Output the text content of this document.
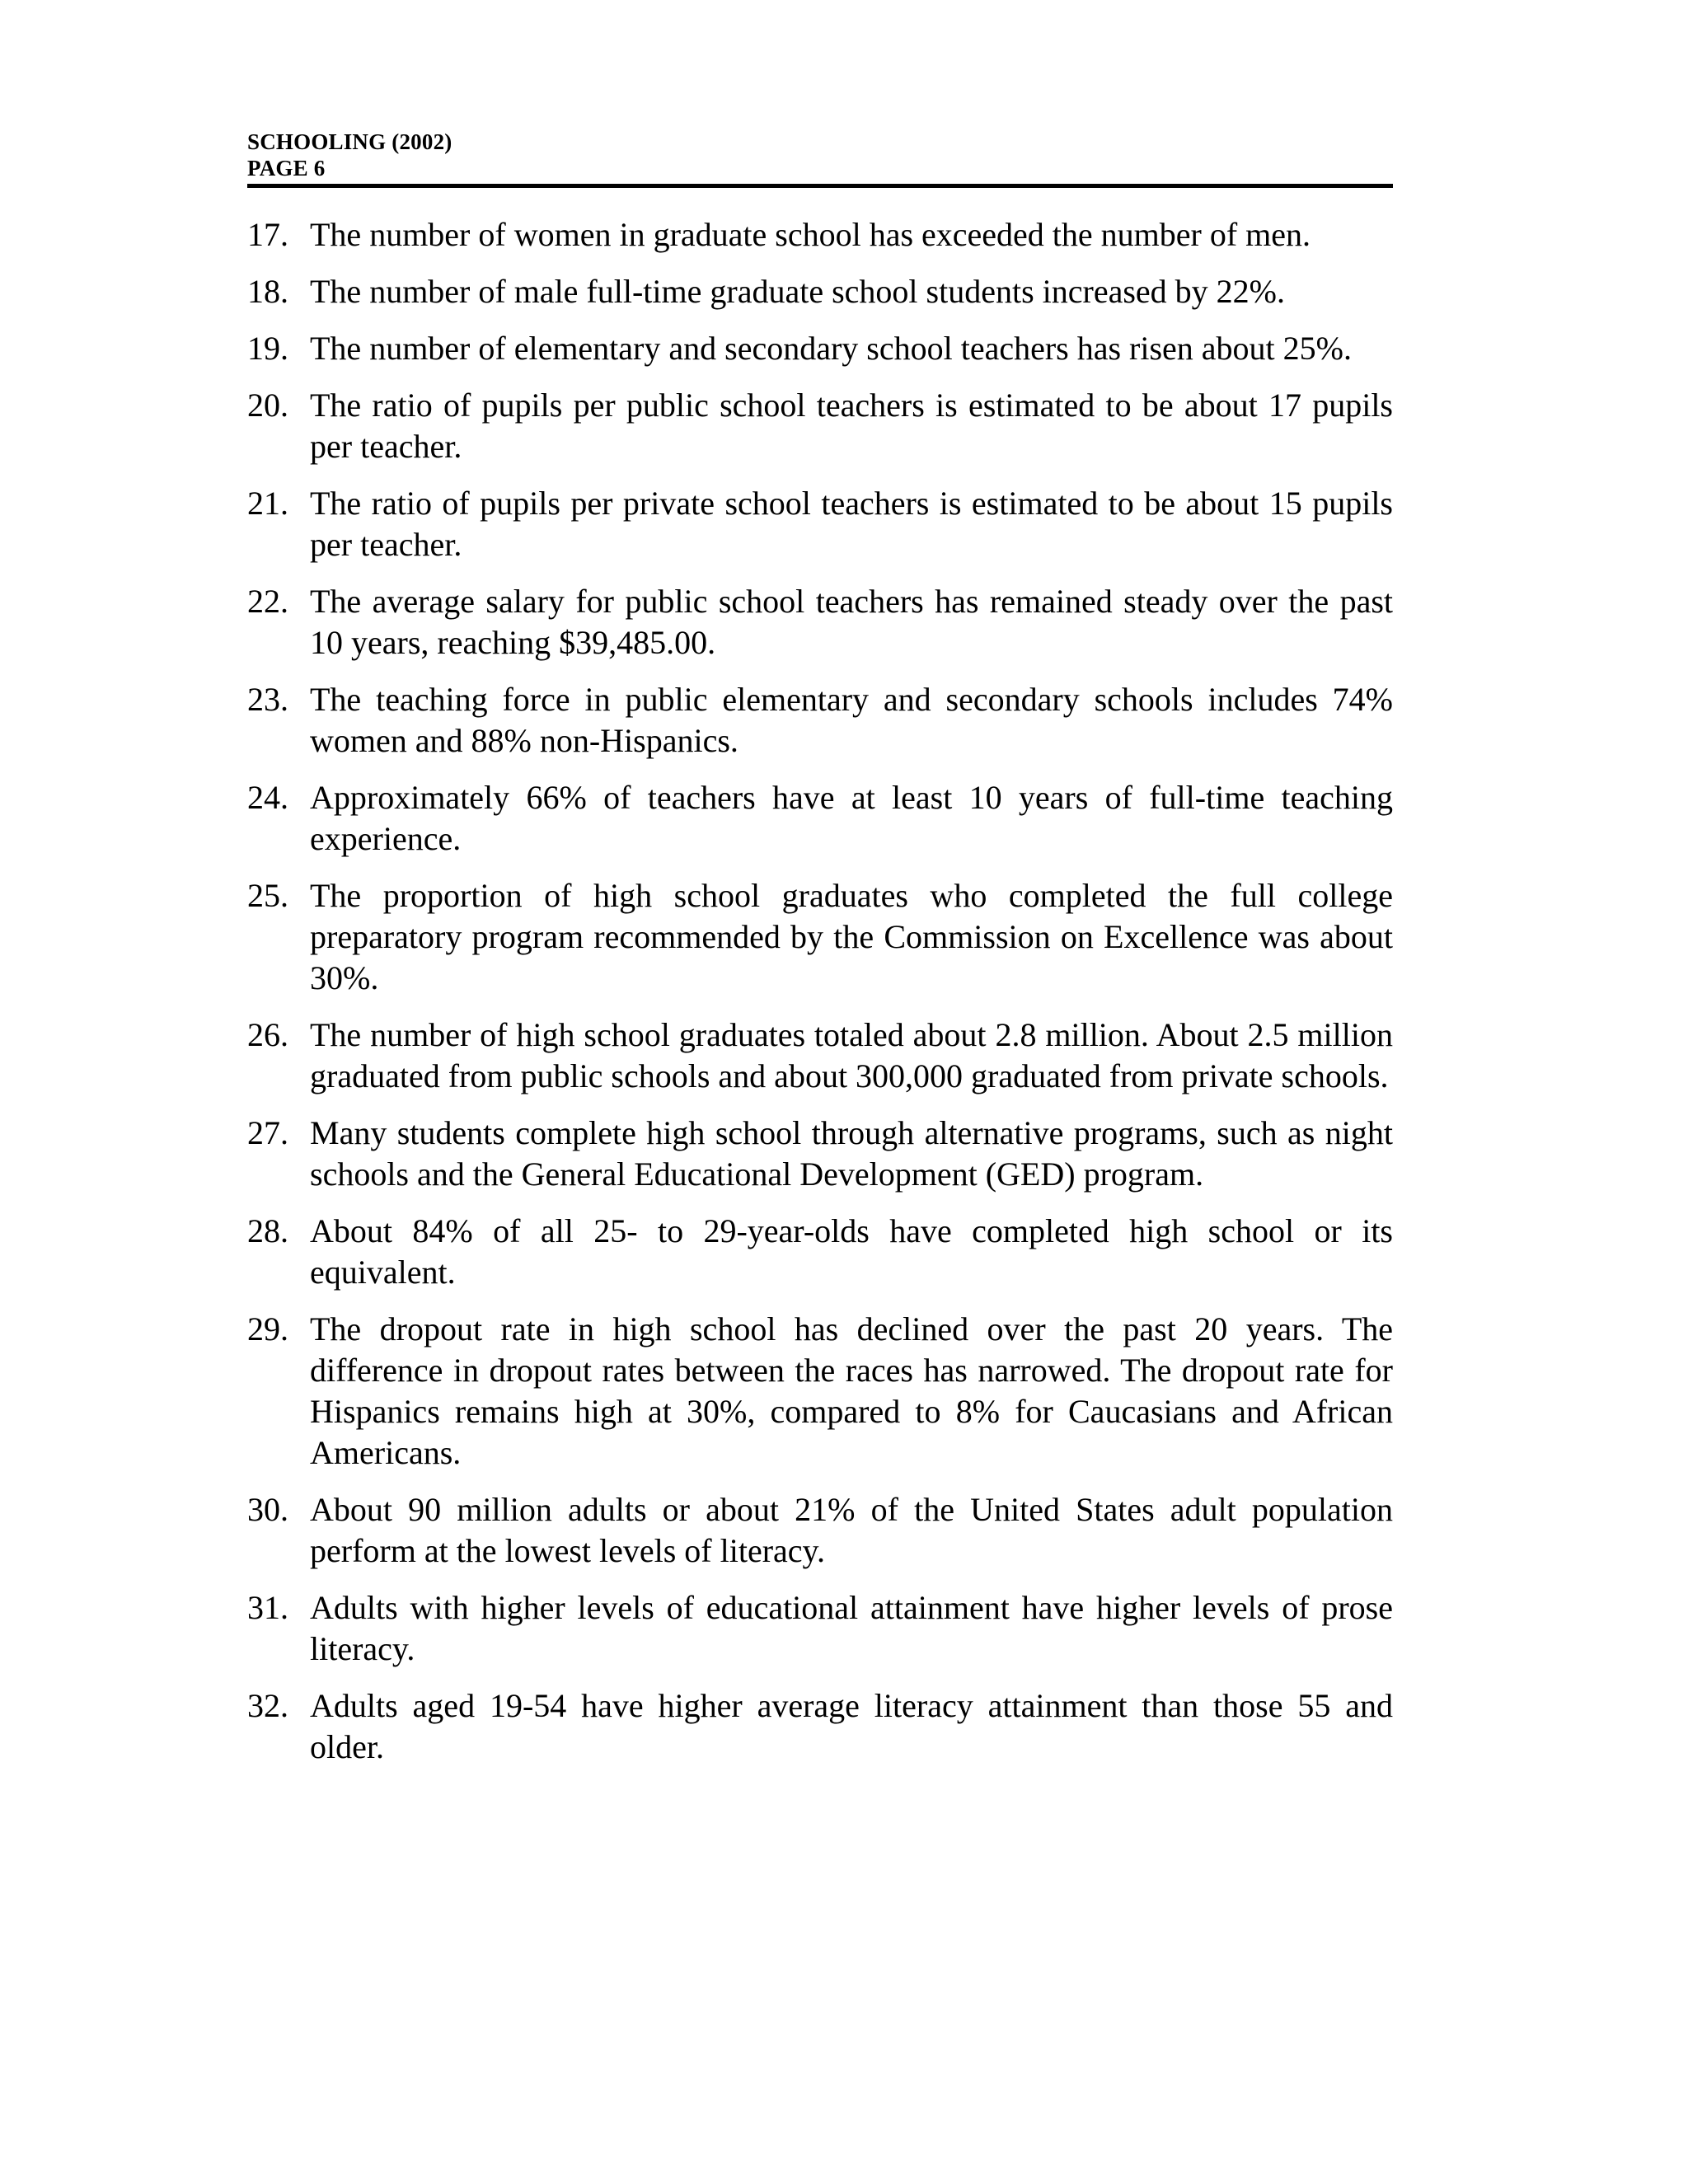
SCHOOLING (2002)
PAGE 6
17. The number of women in graduate school has exceeded the number of men.
18. The number of male full-time graduate school students increased by 22%.
19. The number of elementary and secondary school teachers has risen about 25%.
20. The ratio of pupils per public school teachers is estimated to be about 17 pupils per teacher.
21. The ratio of pupils per private school teachers is estimated to be about 15 pupils per teacher.
22. The average salary for public school teachers has remained steady over the past 10 years, reaching $39,485.00.
23. The teaching force in public elementary and secondary schools includes 74% women and 88% non-Hispanics.
24. Approximately 66% of teachers have at least 10 years of full-time teaching experience.
25. The proportion of high school graduates who completed the full college preparatory program recommended by the Commission on Excellence was about 30%.
26. The number of high school graduates totaled about 2.8 million. About 2.5 million graduated from public schools and about 300,000 graduated from private schools.
27. Many students complete high school through alternative programs, such as night schools and the General Educational Development (GED) program.
28. About 84% of all 25- to 29-year-olds have completed high school or its equivalent.
29. The dropout rate in high school has declined over the past 20 years. The difference in dropout rates between the races has narrowed. The dropout rate for Hispanics remains high at 30%, compared to 8% for Caucasians and African Americans.
30. About 90 million adults or about 21% of the United States adult population perform at the lowest levels of literacy.
31. Adults with higher levels of educational attainment have higher levels of prose literacy.
32. Adults aged 19-54 have higher average literacy attainment than those 55 and older.
